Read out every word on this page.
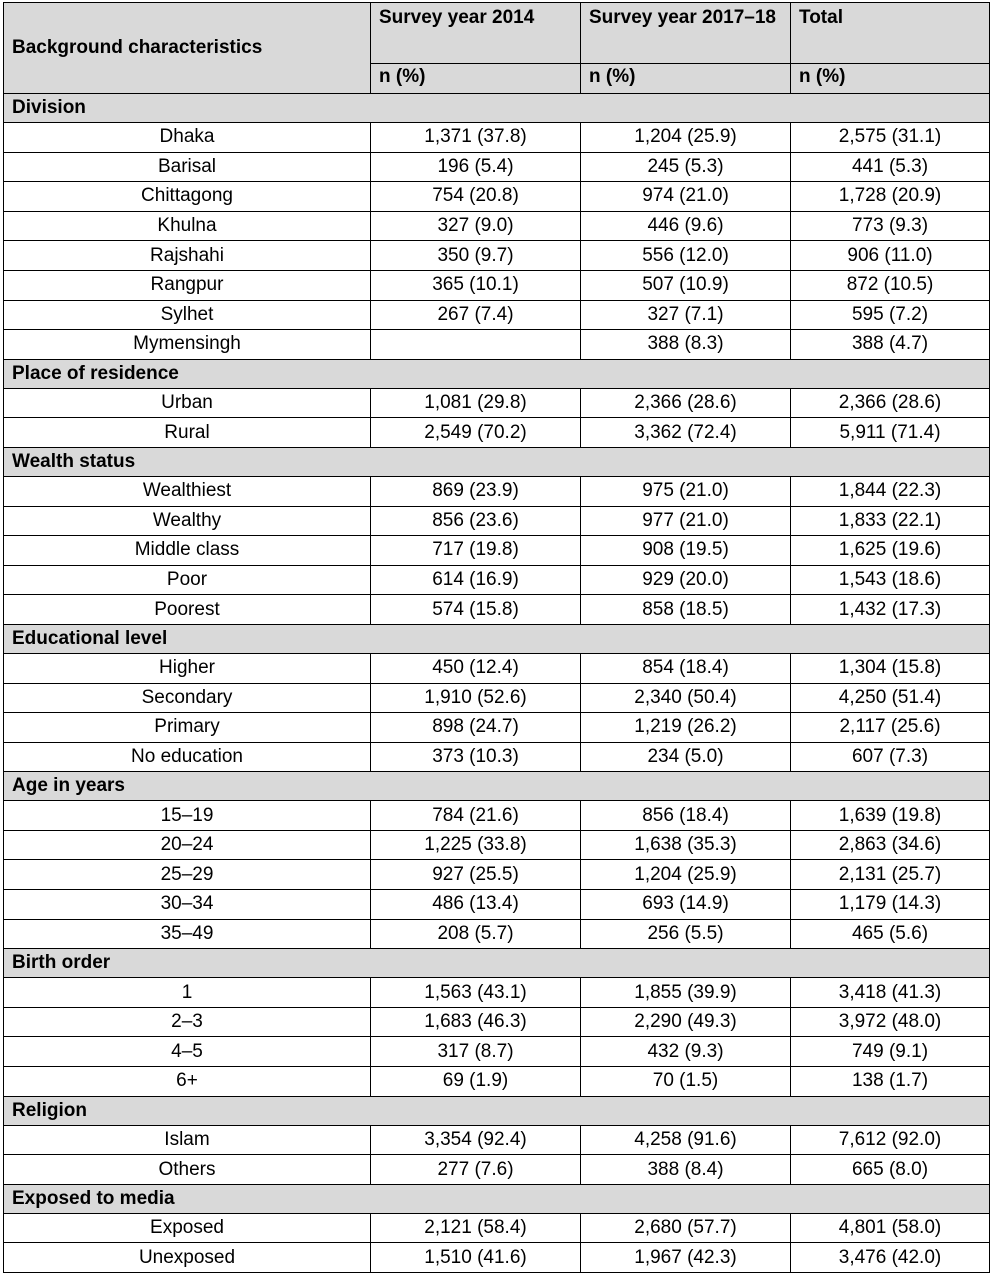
Background characteristics	Survey year 2014	Survey year 2017–18	Total
	n (%)	n (%)	n (%)
Division			
Dhaka	1,371 (37.8)	1,204 (25.9)	2,575 (31.1)
Barisal	196 (5.4)	245 (5.3)	441 (5.3)
Chittagong	754 (20.8)	974 (21.0)	1,728 (20.9)
Khulna	327 (9.0)	446 (9.6)	773 (9.3)
Rajshahi	350 (9.7)	556 (12.0)	906 (11.0)
Rangpur	365 (10.1)	507 (10.9)	872 (10.5)
Sylhet	267 (7.4)	327 (7.1)	595 (7.2)
Mymensingh		388 (8.3)	388 (4.7)
Place of residence			
Urban	1,081 (29.8)	2,366 (28.6)	2,366 (28.6)
Rural	2,549 (70.2)	3,362 (72.4)	5,911 (71.4)
Wealth status			
Wealthiest	869 (23.9)	975 (21.0)	1,844 (22.3)
Wealthy	856 (23.6)	977 (21.0)	1,833 (22.1)
Middle class	717 (19.8)	908 (19.5)	1,625 (19.6)
Poor	614 (16.9)	929 (20.0)	1,543 (18.6)
Poorest	574 (15.8)	858 (18.5)	1,432 (17.3)
Educational level			
Higher	450 (12.4)	854 (18.4)	1,304 (15.8)
Secondary	1,910 (52.6)	2,340 (50.4)	4,250 (51.4)
Primary	898 (24.7)	1,219 (26.2)	2,117 (25.6)
No education	373 (10.3)	234 (5.0)	607 (7.3)
Age in years			
15–19	784 (21.6)	856 (18.4)	1,639 (19.8)
20–24	1,225 (33.8)	1,638 (35.3)	2,863 (34.6)
25–29	927 (25.5)	1,204 (25.9)	2,131 (25.7)
30–34	486 (13.4)	693 (14.9)	1,179 (14.3)
35–49	208 (5.7)	256 (5.5)	465 (5.6)
Birth order			
1	1,563 (43.1)	1,855 (39.9)	3,418 (41.3)
2–3	1,683 (46.3)	2,290 (49.3)	3,972 (48.0)
4–5	317 (8.7)	432 (9.3)	749 (9.1)
6+	69 (1.9)	70 (1.5)	138 (1.7)
Religion			
Islam	3,354 (92.4)	4,258 (91.6)	7,612 (92.0)
Others	277 (7.6)	388 (8.4)	665 (8.0)
Exposed to media			
Exposed	2,121 (58.4)	2,680 (57.7)	4,801 (58.0)
Unexposed	1,510 (41.6)	1,967 (42.3)	3,476 (42.0)
